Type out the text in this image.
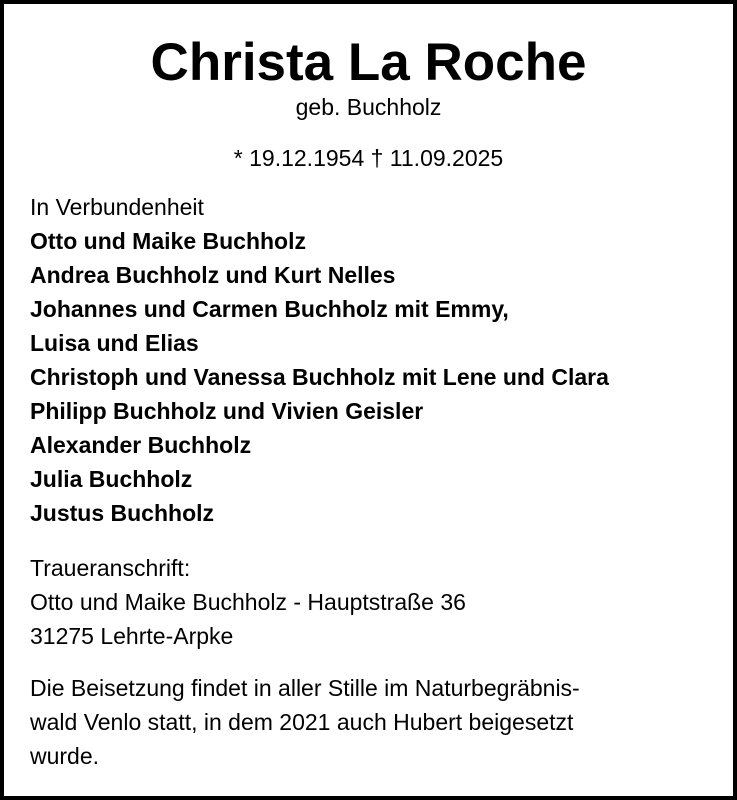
Christa La Roche
geb. Buchholz
* 19.12.1954 † 11.09.2025
In Verbundenheit
Otto und Maike Buchholz
Andrea Buchholz und Kurt Nelles
Johannes und Carmen Buchholz mit Emmy,
Luisa und Elias
Christoph und Vanessa Buchholz mit Lene und Clara
Philipp Buchholz und Vivien Geisler
Alexander Buchholz
Julia Buchholz
Justus Buchholz
Traueranschrift:
Otto und Maike Buchholz - Hauptstraße 36
31275 Lehrte-Arpke
Die Beisetzung findet in aller Stille im Naturbegräbnis-
wald Venlo statt, in dem 2021 auch Hubert beigesetzt
wurde.
